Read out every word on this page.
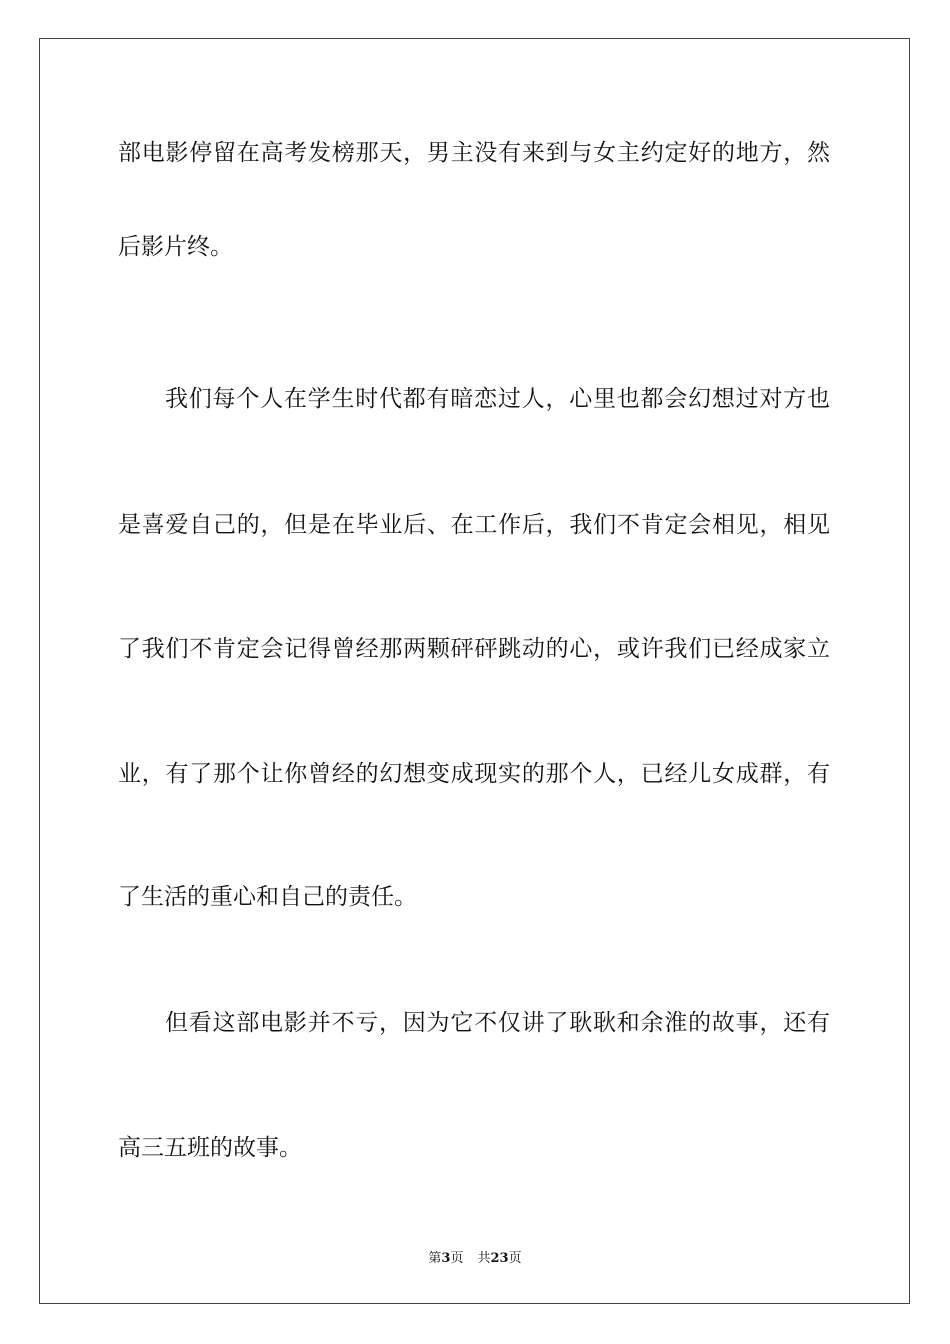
部电影停留在高考发榜那天，男主没有来到与女主约定好的地方，然
后影片终。
我们每个人在学生时代都有暗恋过人，心里也都会幻想过对方也
是喜爱自己的，但是在毕业后、在工作后，我们不肯定会相见，相见
了我们不肯定会记得曾经那两颗砰砰跳动的心，或许我们已经成家立
业，有了那个让你曾经的幻想变成现实的那个人，已经儿女成群，有
了生活的重心和自己的责任。
但看这部电影并不亏，因为它不仅讲了耿耿和余淮的故事，还有
高三五班的故事。
第3页 共23页
